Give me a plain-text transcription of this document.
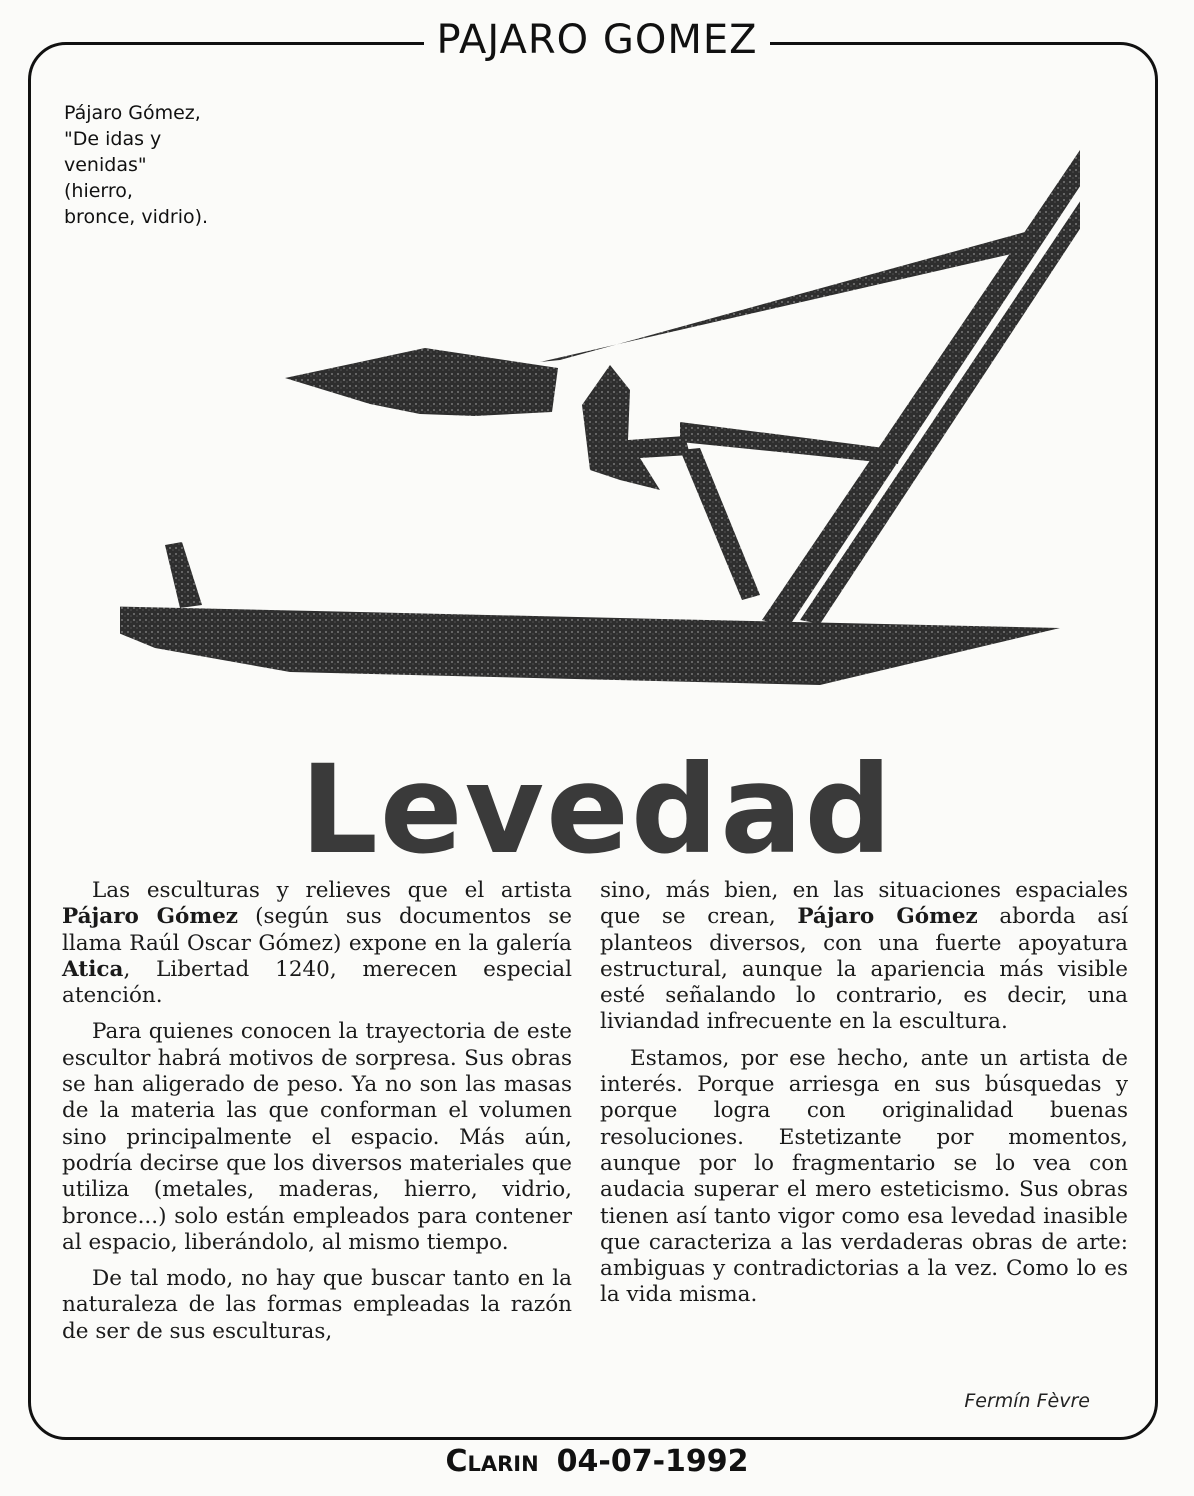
PAJARO GOMEZ
Pájaro Gómez,
"De idas y
venidas"
(hierro,
bronce, vidrio).
Levedad

Las esculturas y relieves que el artista Pájaro Gómez (según sus documentos se llama Raúl Oscar Gómez) expone en la galería Atica, Libertad 1240, merecen especial atención.

Para quienes conocen la trayectoria de este escultor habrá motivos de sorpresa. Sus obras se han aligerado de peso. Ya no son las masas de la materia las que conforman el volumen sino principalmente el espacio. Más aún, podría decirse que los diversos materiales que utiliza (metales, maderas, hierro, vidrio, bronce...) solo están empleados para contener al espacio, liberándolo, al mismo tiempo.

De tal modo, no hay que buscar tanto en la naturaleza de las formas empleadas la razón de ser de sus esculturas,

sino, más bien, en las situaciones espaciales que se crean, Pájaro Gómez aborda así planteos diversos, con una fuerte apoyatura estructural, aunque la apariencia más visible esté señalando lo contrario, es decir, una liviandad infrecuente en la escultura.

Estamos, por ese hecho, ante un artista de interés. Porque arriesga en sus búsquedas y porque logra con originalidad buenas resoluciones. Estetizante por momentos, aunque por lo fragmentario se lo vea con audacia superar el mero esteticismo. Sus obras tienen así tanto vigor como esa levedad inasible que caracteriza a las verdaderas obras de arte: ambiguas y contradictorias a la vez. Como lo es la vida misma.

Fermín Fèvre
Clarin 04-07-1992
